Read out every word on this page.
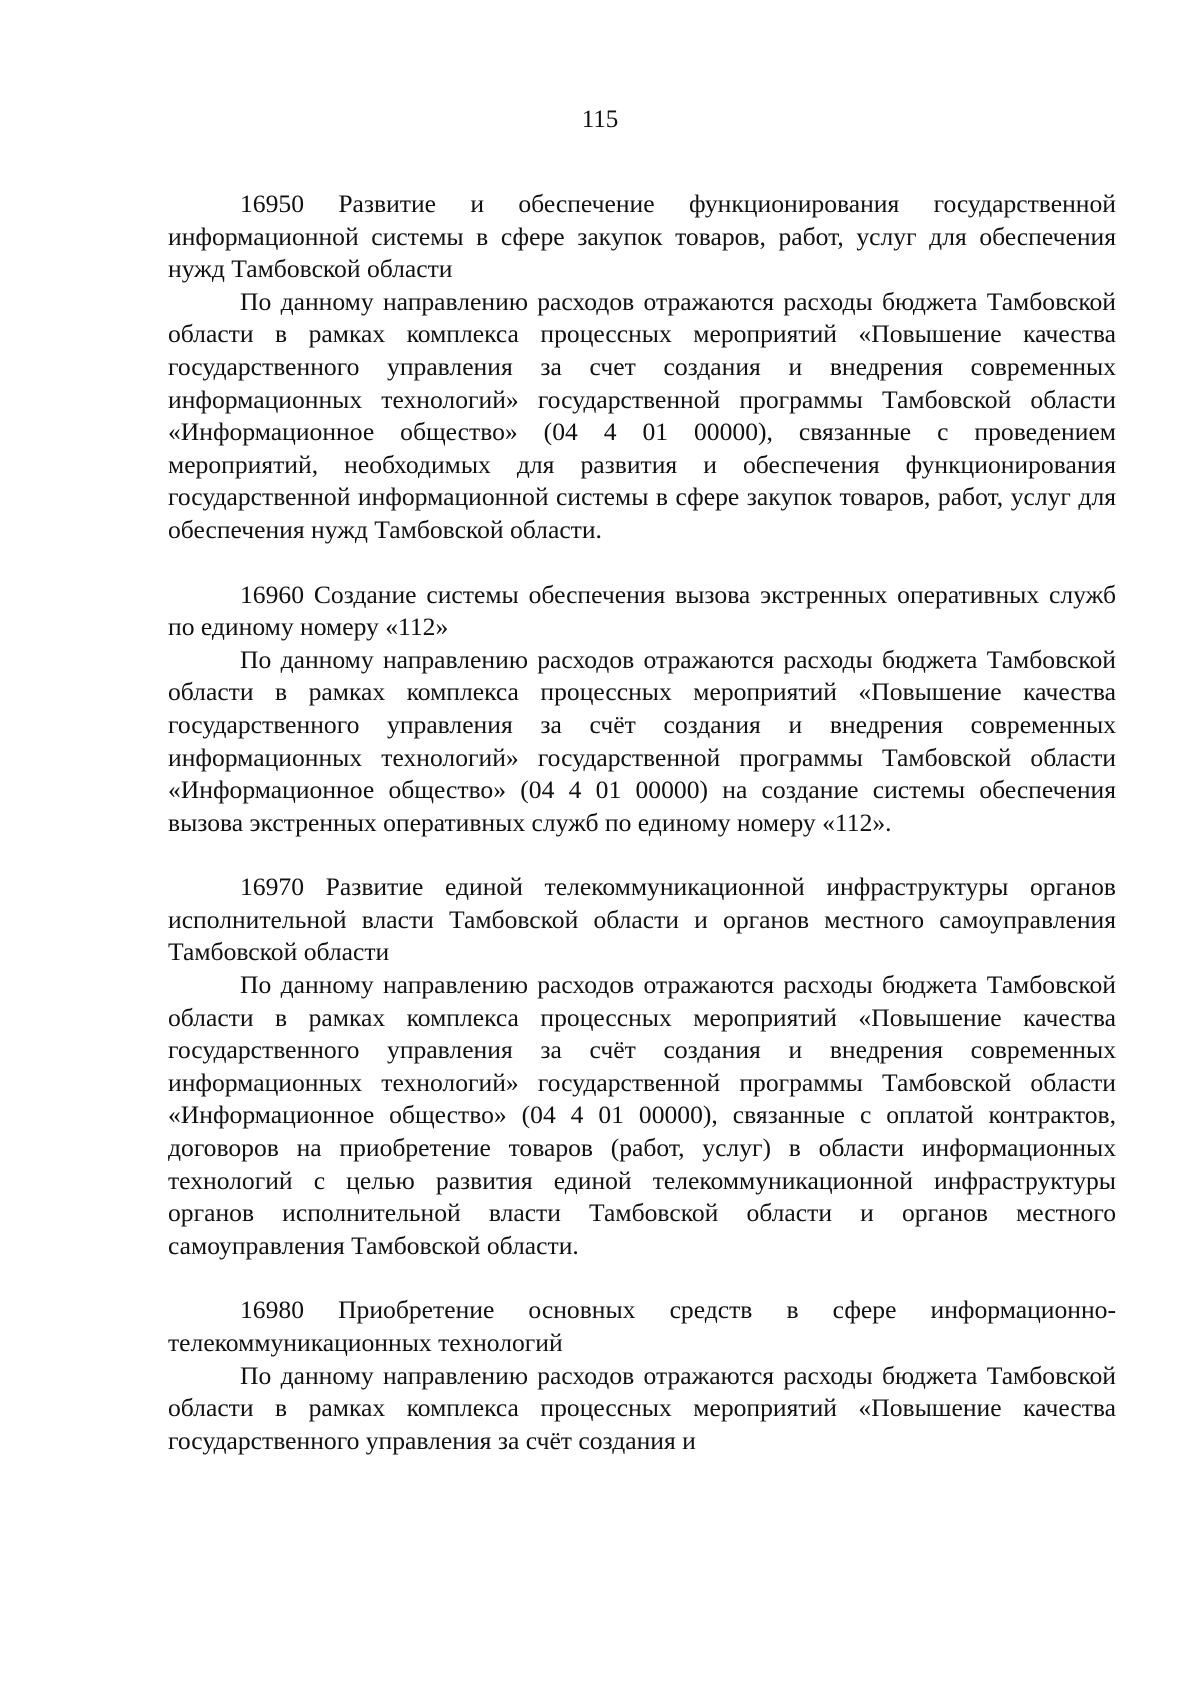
115

16950 Развитие и обеспечение функционирования государственной информационной системы в сфере закупок товаров, работ, услуг для обеспечения нужд Тамбовской области

По данному направлению расходов отражаются расходы бюджета Тамбовской области в рамках комплекса процессных мероприятий «Повышение качества государственного управления за счет создания и внедрения современных информационных технологий» государственной программы Тамбовской области «Информационное общество» (04 4 01 00000), связанные с проведением мероприятий, необходимых для развития и обеспечения функционирования государственной информационной системы в сфере закупок товаров, работ, услуг для обеспечения нужд Тамбовской области.

16960 Создание системы обеспечения вызова экстренных оперативных служб по единому номеру «112»

По данному направлению расходов отражаются расходы бюджета Тамбовской области в рамках комплекса процессных мероприятий «Повышение качества государственного управления за счёт создания и внедрения современных информационных технологий» государственной программы Тамбовской области «Информационное общество» (04 4 01 00000) на создание системы обеспечения вызова экстренных оперативных служб по единому номеру «112».

16970 Развитие единой телекоммуникационной инфраструктуры органов исполнительной власти Тамбовской области и органов местного самоуправления Тамбовской области

По данному направлению расходов отражаются расходы бюджета Тамбовской области в рамках комплекса процессных мероприятий «Повышение качества государственного управления за счёт создания и внедрения современных информационных технологий» государственной программы Тамбовской области «Информационное общество» (04 4 01 00000), связанные с оплатой контрактов, договоров на приобретение товаров (работ, услуг) в области информационных технологий с целью развития единой телекоммуникационной инфраструктуры органов исполнительной власти Тамбовской области и органов местного самоуправления Тамбовской области.

16980 Приобретение основных средств в сфере информационно-телекоммуникационных технологий

По данному направлению расходов отражаются расходы бюджета Тамбовской области в рамках комплекса процессных мероприятий «Повышение качества государственного управления за счёт создания и
